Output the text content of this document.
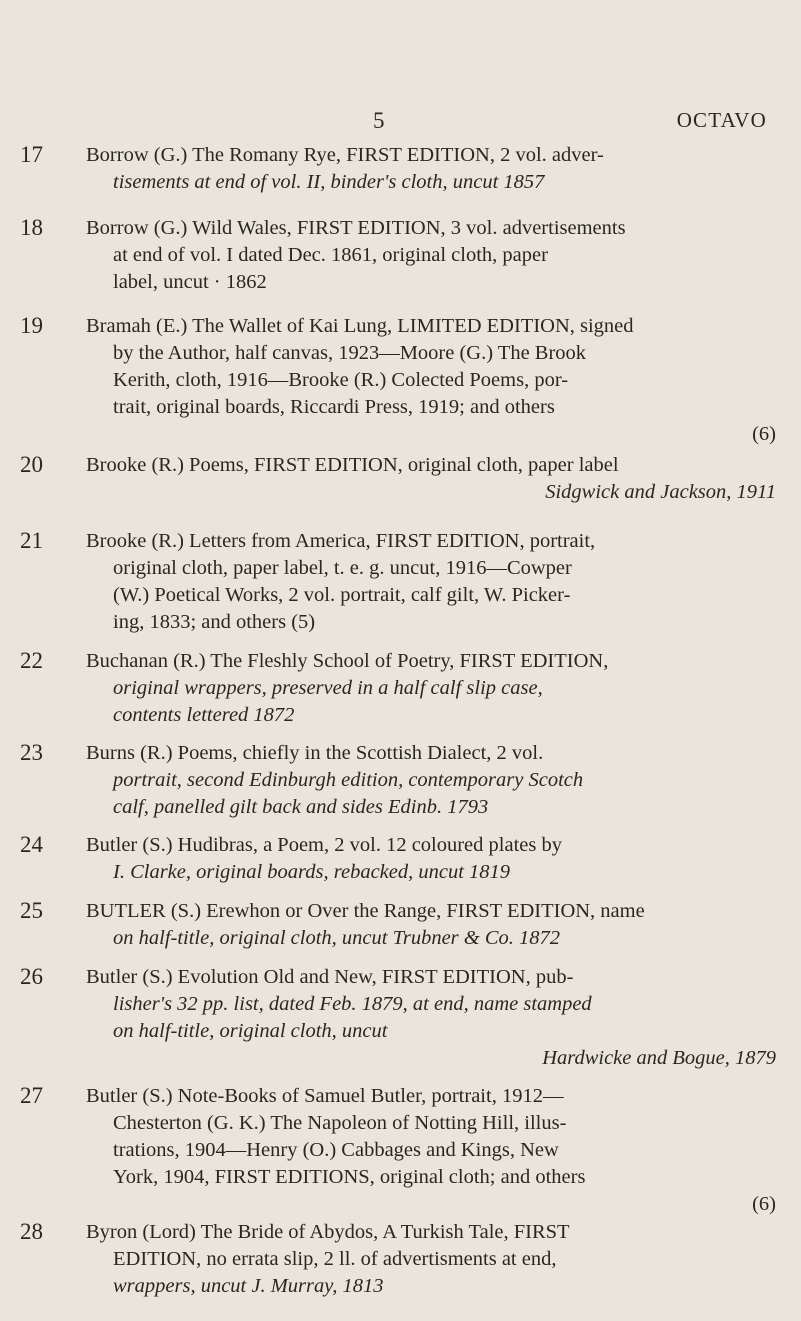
5	OCTAVO
17	Borrow (G.) The Romany Rye, FIRST EDITION, 2 vol. adver-
tisements at end of vol. II, binder's cloth, uncut 1857
18	Borrow (G.) Wild Wales, FIRST EDITION, 3 vol. advertisements
at end of vol. I dated Dec. 1861, original cloth, paper
label, uncut · 1862
19	Bramah (E.) The Wallet of Kai Lung, LIMITED EDITION, signed
by the Author, half canvas, 1923—Moore (G.) The Brook
Kerith, cloth, 1916—Brooke (R.) Colected Poems, por-
trait, original boards, Riccardi Press, 1919; and others
(6)
20	Brooke (R.) Poems, FIRST EDITION, original cloth, paper label
Sidgwick and Jackson, 1911
21	Brooke (R.) Letters from America, FIRST EDITION, portrait,
original cloth, paper label, t. e. g. uncut, 1916—Cowper
(W.) Poetical Works, 2 vol. portrait, calf gilt, W. Picker-
ing, 1833; and others (5)
22	Buchanan (R.) The Fleshly School of Poetry, FIRST EDITION,
original wrappers, preserved in a half calf slip case,
contents lettered 1872
23	Burns (R.) Poems, chiefly in the Scottish Dialect, 2 vol.
portrait, second Edinburgh edition, contemporary Scotch
calf, panelled gilt back and sides Edinb. 1793
24	Butler (S.) Hudibras, a Poem, 2 vol. 12 coloured plates by
I. Clarke, original boards, rebacked, uncut 1819
25	BUTLER (S.) Erewhon or Over the Range, FIRST EDITION, name
on half-title, original cloth, uncut Trubner & Co. 1872
26	Butler (S.) Evolution Old and New, FIRST EDITION, pub-
lisher's 32 pp. list, dated Feb. 1879, at end, name stamped
on half-title, original cloth, uncut
Hardwicke and Bogue, 1879
27	Butler (S.) Note-Books of Samuel Butler, portrait, 1912—
Chesterton (G. K.) The Napoleon of Notting Hill, illus-
trations, 1904—Henry (O.) Cabbages and Kings, New
York, 1904, FIRST EDITIONS, original cloth; and others
(6)
28	Byron (Lord) The Bride of Abydos, A Turkish Tale, FIRST
EDITION, no errata slip, 2 ll. of advertisments at end,
wrappers, uncut J. Murray, 1813
